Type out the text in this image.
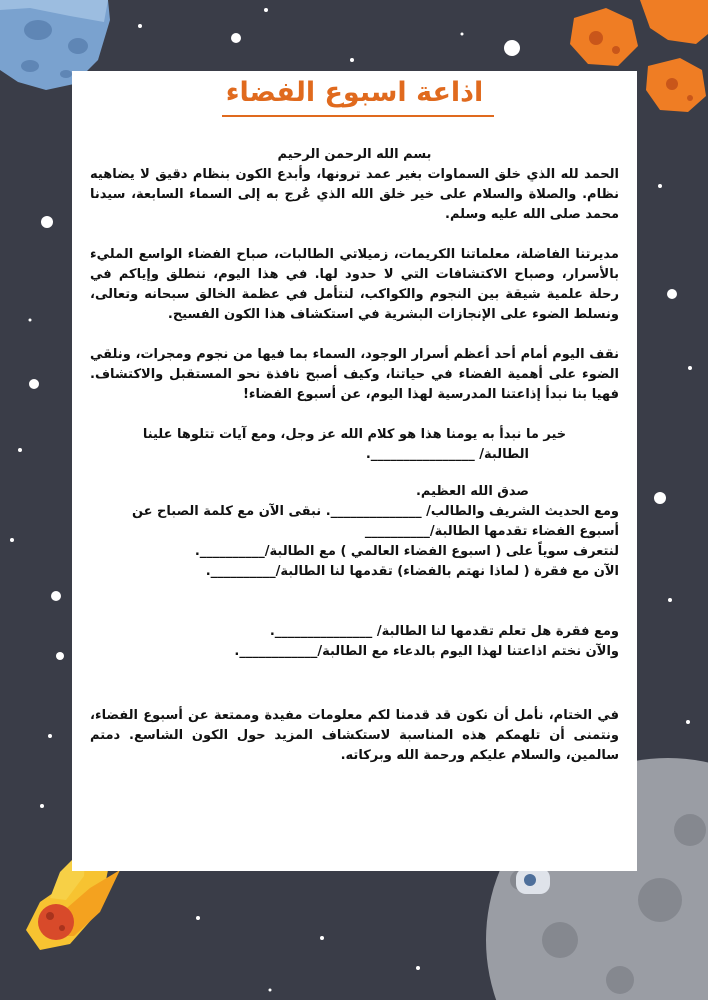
اذاعة اسبوع الفضاء

بسم الله الرحمن الرحيم

الحمد لله الذي خلق السماوات بغير عمد ترونها، وأبدع الكون بنظام دقيق لا يضاهيه نظام. والصلاة والسلام على خير خلق الله الذي عُرج به إلى السماء السابعة، سيدنا محمد صلى الله عليه وسلم.

مديرتنا الفاضلة، معلماتنا الكريمات، زميلاتي الطالبات، صباح الفضاء الواسع المليء بالأسرار، وصباح الاكتشافات التي لا حدود لها. في هذا اليوم، ننطلق وإياكم في رحلة علمية شيقة بين النجوم والكواكب، لنتأمل في عظمة الخالق سبحانه وتعالى، ونسلط الضوء على الإنجازات البشرية في استكشاف هذا الكون الفسيح.

نقف اليوم أمام أحد أعظم أسرار الوجود، السماء بما فيها من نجوم ومجرات، ونلقي الضوء على أهمية الفضاء في حياتنا، وكيف أصبح نافذة نحو المستقبل والاكتشاف. فهيا بنا نبدأ إذاعتنا المدرسية لهذا اليوم، عن أسبوع الفضاء!

خير ما نبدأ به يومنا هذا هو كلام الله عز وجل، ومع آيات تتلوها علينا

الطالبة/ ________________.

صدق الله العظيم.

ومع الحديث الشريف والطالب/ ______________. نبقى الآن مع كلمة الصباح عن

أسبوع الفضاء تقدمها الطالبة/__________

لنتعرف سوياً على ( اسبوع الفضاء العالمي ) مع الطالبة/__________.

الآن مع فقرة ( لماذا نهتم بالفضاء) تقدمها لنا الطالبة/__________.

ومع فقرة هل تعلم تقدمها لنا الطالبة/ _______________.

والآن نختم اذاعتنا لهذا اليوم بالدعاء مع الطالبة/____________.

في الختام، نأمل أن نكون قد قدمنا لكم معلومات مفيدة وممتعة عن أسبوع الفضاء، ونتمنى أن تلهمكم هذه المناسبة لاستكشاف المزيد حول الكون الشاسع. دمتم سالمين، والسلام عليكم ورحمة الله وبركاته.
